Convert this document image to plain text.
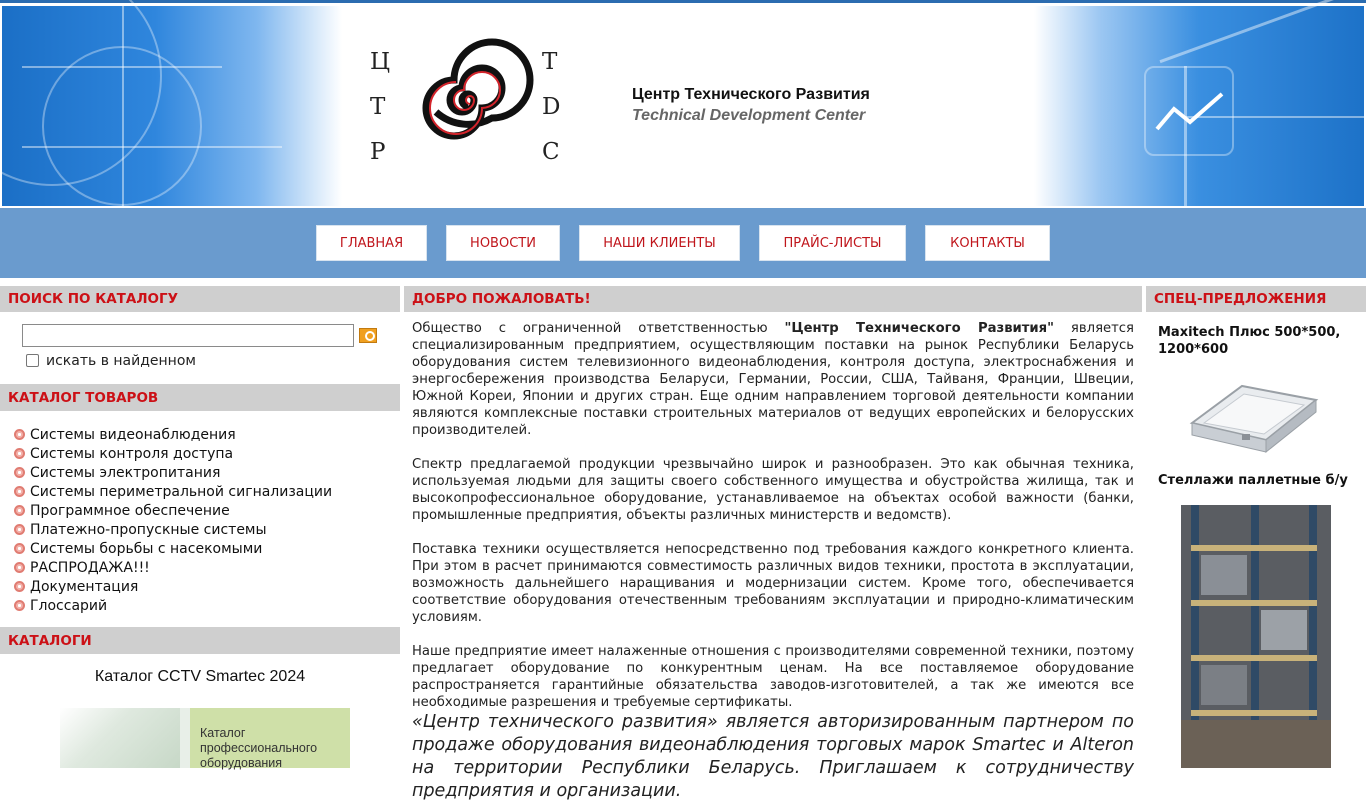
Ц
Т
Р
T
D
C
Центр Технического Развития
Technical Development Center
ГЛАВНАЯ	НОВОСТИ	НАШИ КЛИЕНТЫ	ПРАЙС-ЛИСТЫ	КОНТАКТЫ
ПОИСК ПО КАТАЛОГУ
искать в найденном
КАТАЛОГ ТОВАРОВ
Системы видеонаблюдения
Системы контроля доступа
Системы электропитания
Системы периметральной сигнализации
Программное обеспечение
Платежно-пропускные системы
Системы борьбы с насекомыми
РАСПРОДАЖА!!!
Документация
Глоссарий
КАТАЛОГИ
Каталог CCTV Smartec 2024
Каталог профессионального оборудования
ДОБРО ПОЖАЛОВАТЬ!

Общество с ограниченной ответственностью "Центр Технического Развития" является специализированным предприятием, осуществляющим поставки на рынок Республики Беларусь оборудования систем телевизионного видеонаблюдения, контроля доступа, электроснабжения и энергосбережения производства Беларуси, Германии, России, США, Тайваня, Франции, Швеции, Южной Кореи, Японии и других стран. Еще одним направлением торговой деятельности компании являются комплексные поставки строительных материалов от ведущих европейских и белорусских производителей.

Спектр предлагаемой продукции чрезвычайно широк и разнообразен. Это как обычная техника, используемая людьми для защиты своего собственного имущества и обустройства жилища, так и высокопрофессиональное оборудование, устанавливаемое на объектах особой важности (банки, промышленные предприятия, объекты различных министерств и ведомств).

Поставка техники осуществляется непосредственно под требования каждого конкретного клиента. При этом в расчет принимаются совместимость различных видов техники, простота в эксплуатации, возможность дальнейшего наращивания и модернизации систем. Кроме того, обеспечивается соответствие оборудования отечественным требованиям эксплуатации и природно-климатическим условиям.

Наше предприятие имеет налаженные отношения с производителями современной техники, поэтому предлагает оборудование по конкурентным ценам. На все поставляемое оборудование распространяется гарантийные обязательства заводов-изготовителей, а так же имеются все необходимые разрешения и требуемые сертификаты.

«Центр технического развития» является авторизированным партнером по продаже оборудования видеонаблюдения торговых марок Smartec и Alteron на территории Республики Беларусь. Приглашаем к сотрудничеству предприятия и организации.
СПЕЦ-ПРЕДЛОЖЕНИЯ
Maxitech Плюс 500*500, 1200*600
Стеллажи паллетные б/у
